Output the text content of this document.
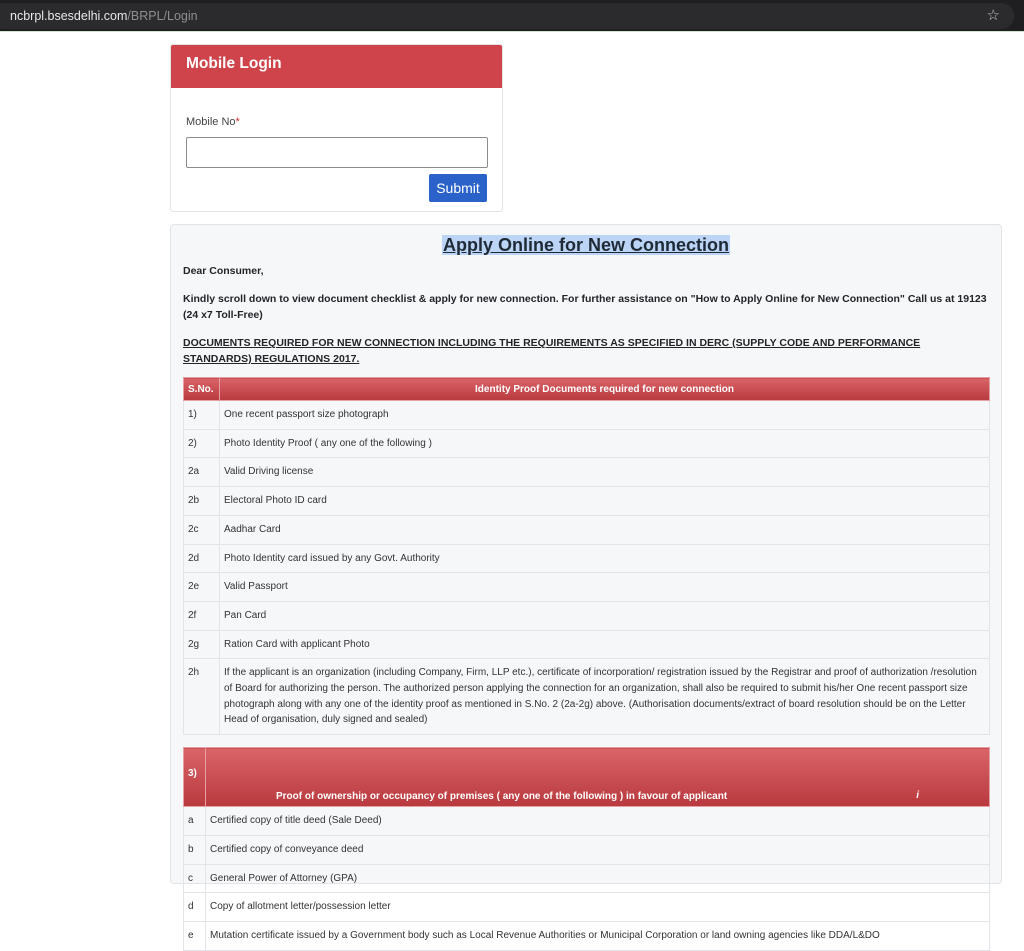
ncbrpl.bsesdelhi.com /BRPL/Login	☆
Mobile Login
Mobile No*
Submit
Apply Online for New Connection
Dear Consumer,
Kindly scroll down to view document checklist & apply for new connection. For further assistance on "How to Apply Online for New Connection" Call us at 19123 (24 x7 Toll-Free)
DOCUMENTS REQUIRED FOR NEW CONNECTION INCLUDING THE REQUIREMENTS AS SPECIFIED IN DERC (SUPPLY CODE AND PERFORMANCE STANDARDS) REGULATIONS 2017.
S.No.	Identity Proof Documents required for new connection
1)	One recent passport size photograph
2)	Photo Identity Proof ( any one of the following )
2a	Valid Driving license
2b	Electoral Photo ID card
2c	Aadhar Card
2d	Photo Identity card issued by any Govt. Authority
2e	Valid Passport
2f	Pan Card
2g	Ration Card with applicant Photo
2h	If the applicant is an organization (including Company, Firm, LLP etc.), certificate of incorporation/ registration issued by the Registrar and proof of authorization /resolution of Board for authorizing the person. The authorized person applying the connection for an organization, shall also be required to submit his/her One recent passport size photograph along with any one of the identity proof as mentioned in S.No. 2 (2a-2g) above. (Authorisation documents/extract of board resolution should be on the Letter Head of organisation, duly signed and sealed)
3)	Proof of ownership or occupancy of premises ( any one of the following ) in favour of applicant i

a	Certified copy of title deed (Sale Deed)
b	Certified copy of conveyance deed
c	General Power of Attorney (GPA)
d	Copy of allotment letter/possession letter
e	Mutation certificate issued by a Government body such as Local Revenue Authorities or Municipal Corporation or land owning agencies like DDA/L&DO
